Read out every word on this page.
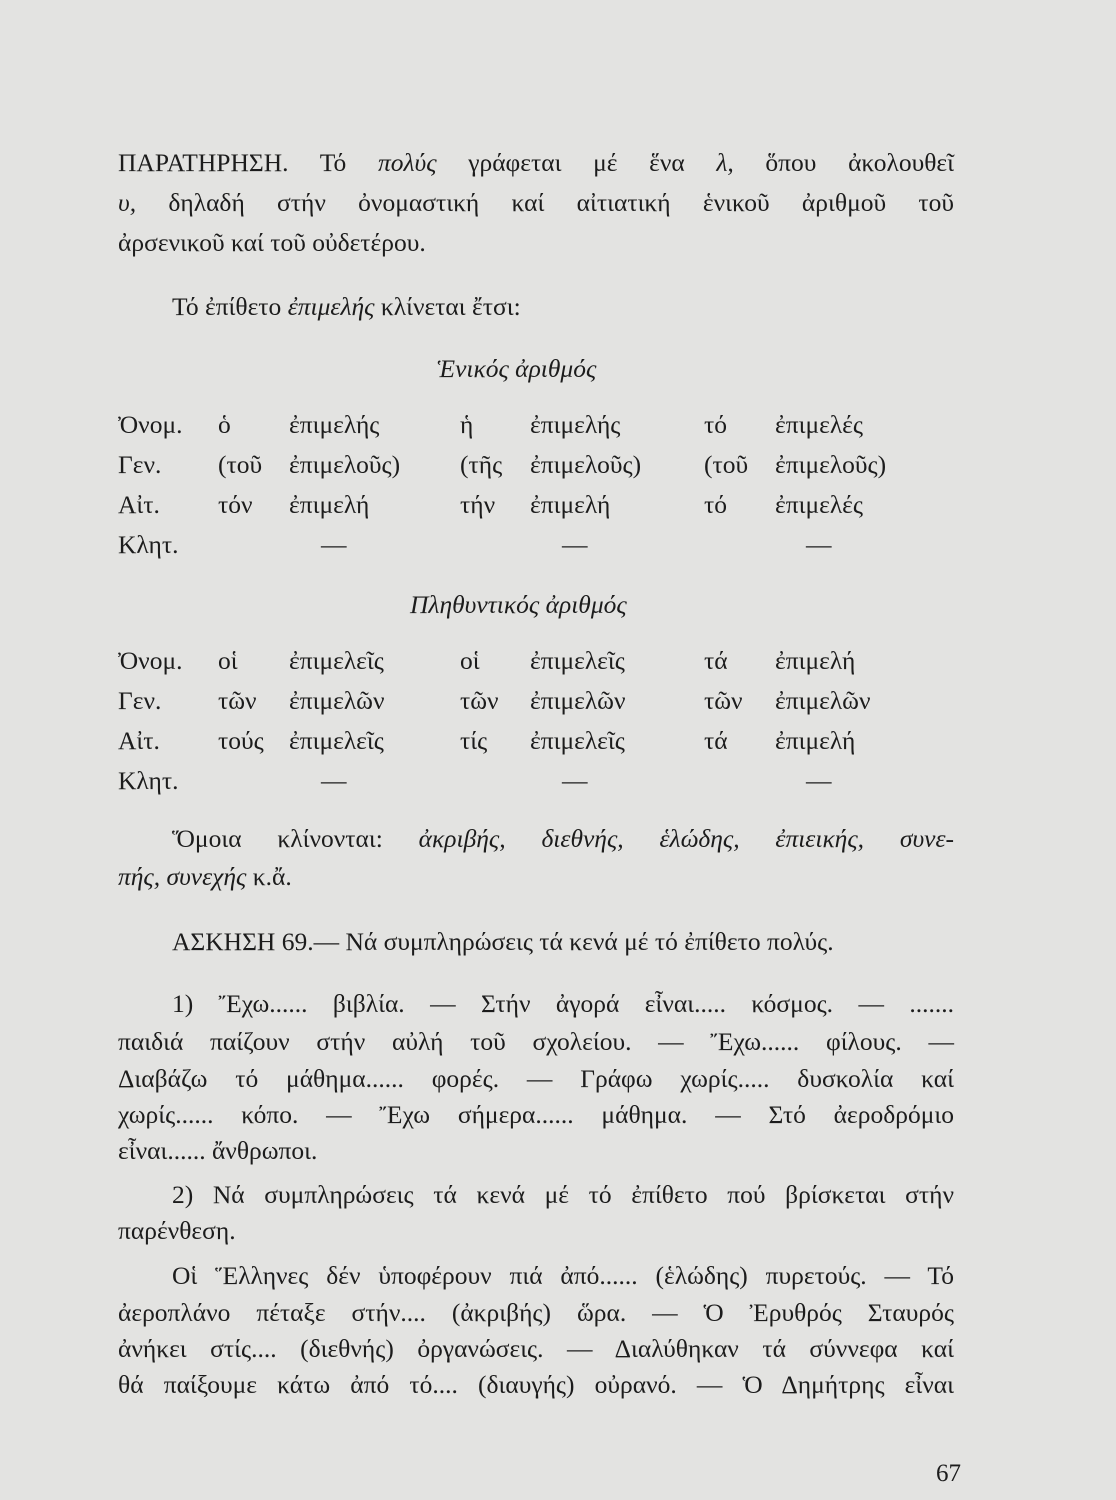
ΠΑΡΑΤΗΡΗΣΗ. Τό πολύς γράφεται μέ ἕνα λ, ὅπου ἀκολουθεῖ
υ, δηλαδή στήν ὀνομαστική καί αἰτιατική ἑνικοῦ ἀριθμοῦ τοῦ
ἀρσενικοῦ καί τοῦ οὐδετέρου.
Τό ἐπίθετο ἐπιμελής κλίνεται ἔτσι:
Ἑνικός ἀριθμός
Ὀνομ. ὁ ἐπιμελής	ἡ ἐπιμελής	τό ἐπιμελές
Γεν. (τοῦ ἐπιμελοῦς) (τῆς ἐπιμελοῦς) (τοῦ ἐπιμελοῦς)
Αἰτ. τόν ἐπιμελή	τήν ἐπιμελή	τό ἐπιμελές
Κλητ.	—	—	—
Πληθυντικός ἀριθμός
Ὀνομ. οἱ ἐπιμελεῖς	οἱ ἐπιμελεῖς	τά ἐπιμελή
Γεν. τῶν ἐπιμελῶν	τῶν ἐπιμελῶν	τῶν ἐπιμελῶν
Αἰτ. τούς ἐπιμελεῖς	τίς ἐπιμελεῖς	τά ἐπιμελή
Κλητ.	—	—	—
Ὅμοια κλίνονται: ἀκριβής, διεθνής, ἑλώδης, ἐπιεικής, συνε-
πής, συνεχής κ.ἄ.
ΑΣΚΗΣΗ 69.— Νά συμπληρώσεις τά κενά μέ τό ἐπίθετο πολύς.
1) Ἔχω...... βιβλία. — Στήν ἀγορά εἶναι..... κόσμος. — .......
παιδιά παίζουν στήν αὐλή τοῦ σχολείου. — Ἔχω...... φίλους. —
Διαβάζω τό μάθημα...... φορές. — Γράφω χωρίς..... δυσκολία καί
χωρίς...... κόπο. — Ἔχω σήμερα...... μάθημα. — Στό ἀεροδρόμιο
εἶναι...... ἄνθρωποι.
2) Νά συμπληρώσεις τά κενά μέ τό ἐπίθετο πού βρίσκεται στήν
παρένθεση.
Οἱ Ἕλληνες δέν ὑποφέρουν πιά ἀπό...... (ἑλώδης) πυρετούς. — Τό
ἀεροπλάνο πέταξε στήν.... (ἀκριβής) ὥρα. — Ὁ Ἐρυθρός Σταυρός
ἀνήκει στίς.... (διεθνής) ὀργανώσεις. — Διαλύθηκαν τά σύννεφα καί
θά παίξουμε κάτω ἀπό τό.... (διαυγής) οὐρανό. — Ὁ Δημήτρης εἶναι
67
